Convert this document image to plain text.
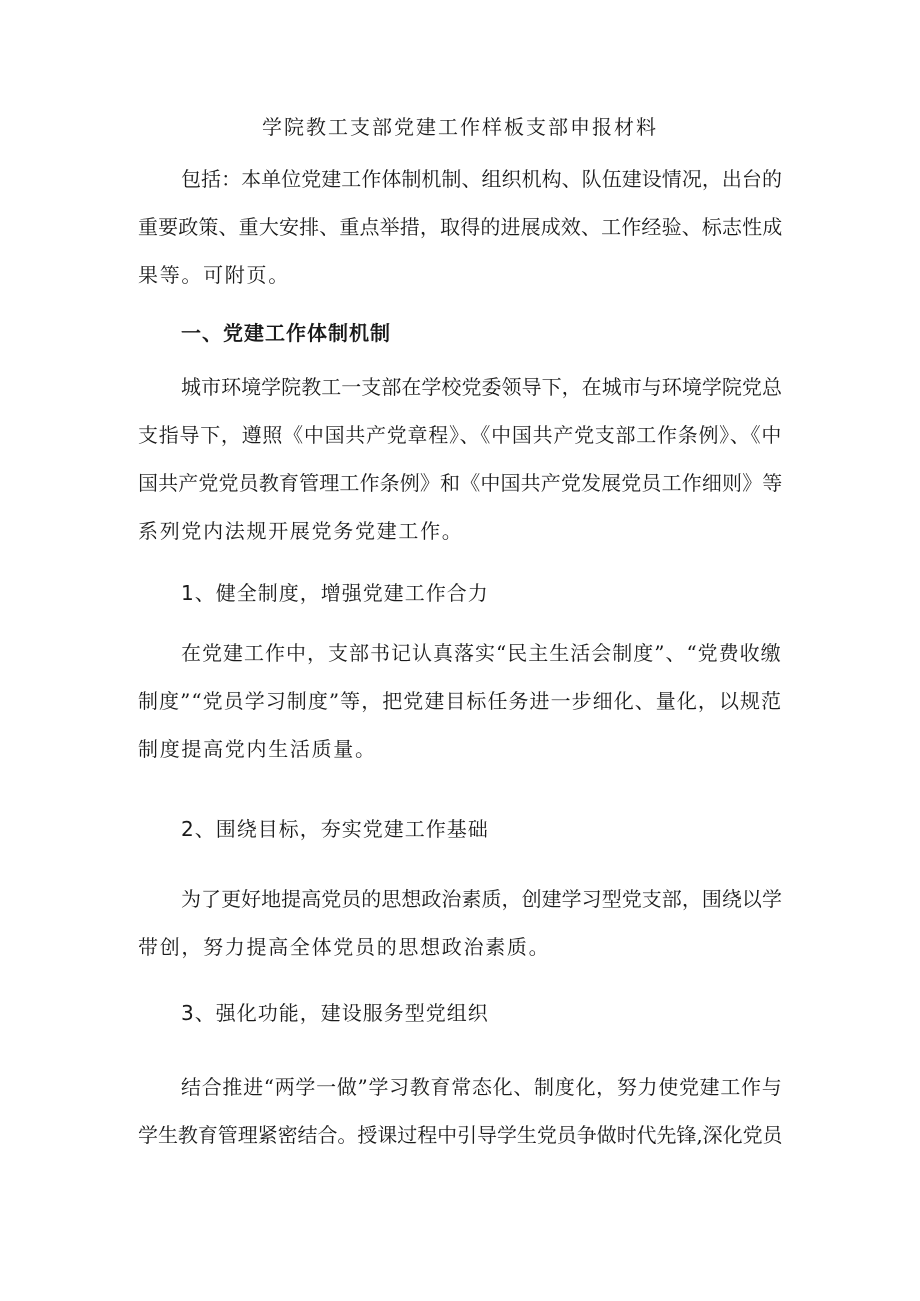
学院教工支部党建工作样板支部申报材料
包括：本单位党建工作体制机制、组织机构、队伍建设情况，出台的
重要政策、重大安排、重点举措，取得的进展成效、工作经验、标志性成
果等。可附页。
一、党建工作体制机制
城市环境学院教工一支部在学校党委领导下，在城市与环境学院党总
支指导下，遵照《中国共产党章程》、《中国共产党支部工作条例》、《中
国共产党党员教育管理工作条例》和《中国共产党发展党员工作细则》等
系列党内法规开展党务党建工作。
1、健全制度，增强党建工作合力
在党建工作中，支部书记认真落实“民主生活会制度”、“党费收缴
制度”“党员学习制度”等，把党建目标任务进一步细化、量化，以规范
制度提高党内生活质量。
2、围绕目标，夯实党建工作基础
为了更好地提高党员的思想政治素质，创建学习型党支部，围绕以学
带创，努力提高全体党员的思想政治素质。
3、强化功能，建设服务型党组织
结合推进“两学一做”学习教育常态化、制度化，努力使党建工作与
学生教育管理紧密结合。授课过程中引导学生党员争做时代先锋,深化党员
